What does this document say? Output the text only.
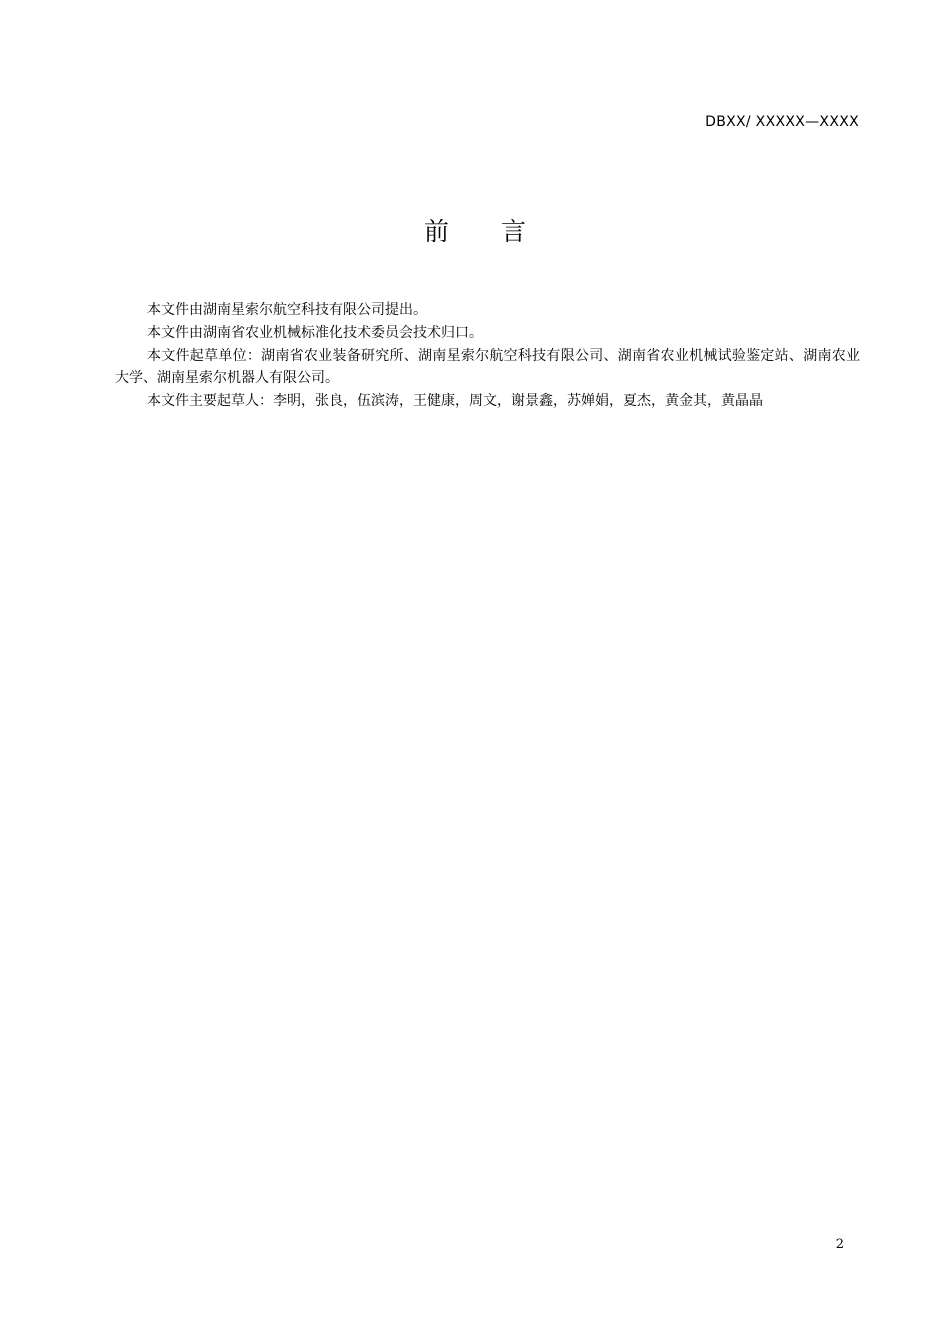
DBXX/ XXXXX—XXXX
前 言

本文件由湖南星索尔航空科技有限公司提出。

本文件由湖南省农业机械标准化技术委员会技术归口。

本文件起草单位：湖南省农业装备研究所、湖南星索尔航空科技有限公司、湖南省农业机械试验鉴定站、湖南农业大学、湖南星索尔机器人有限公司。

本文件主要起草人：李明，张良，伍滨涛，王健康，周文，谢景鑫，苏婵娟，夏杰，黄金其，黄晶晶

2
